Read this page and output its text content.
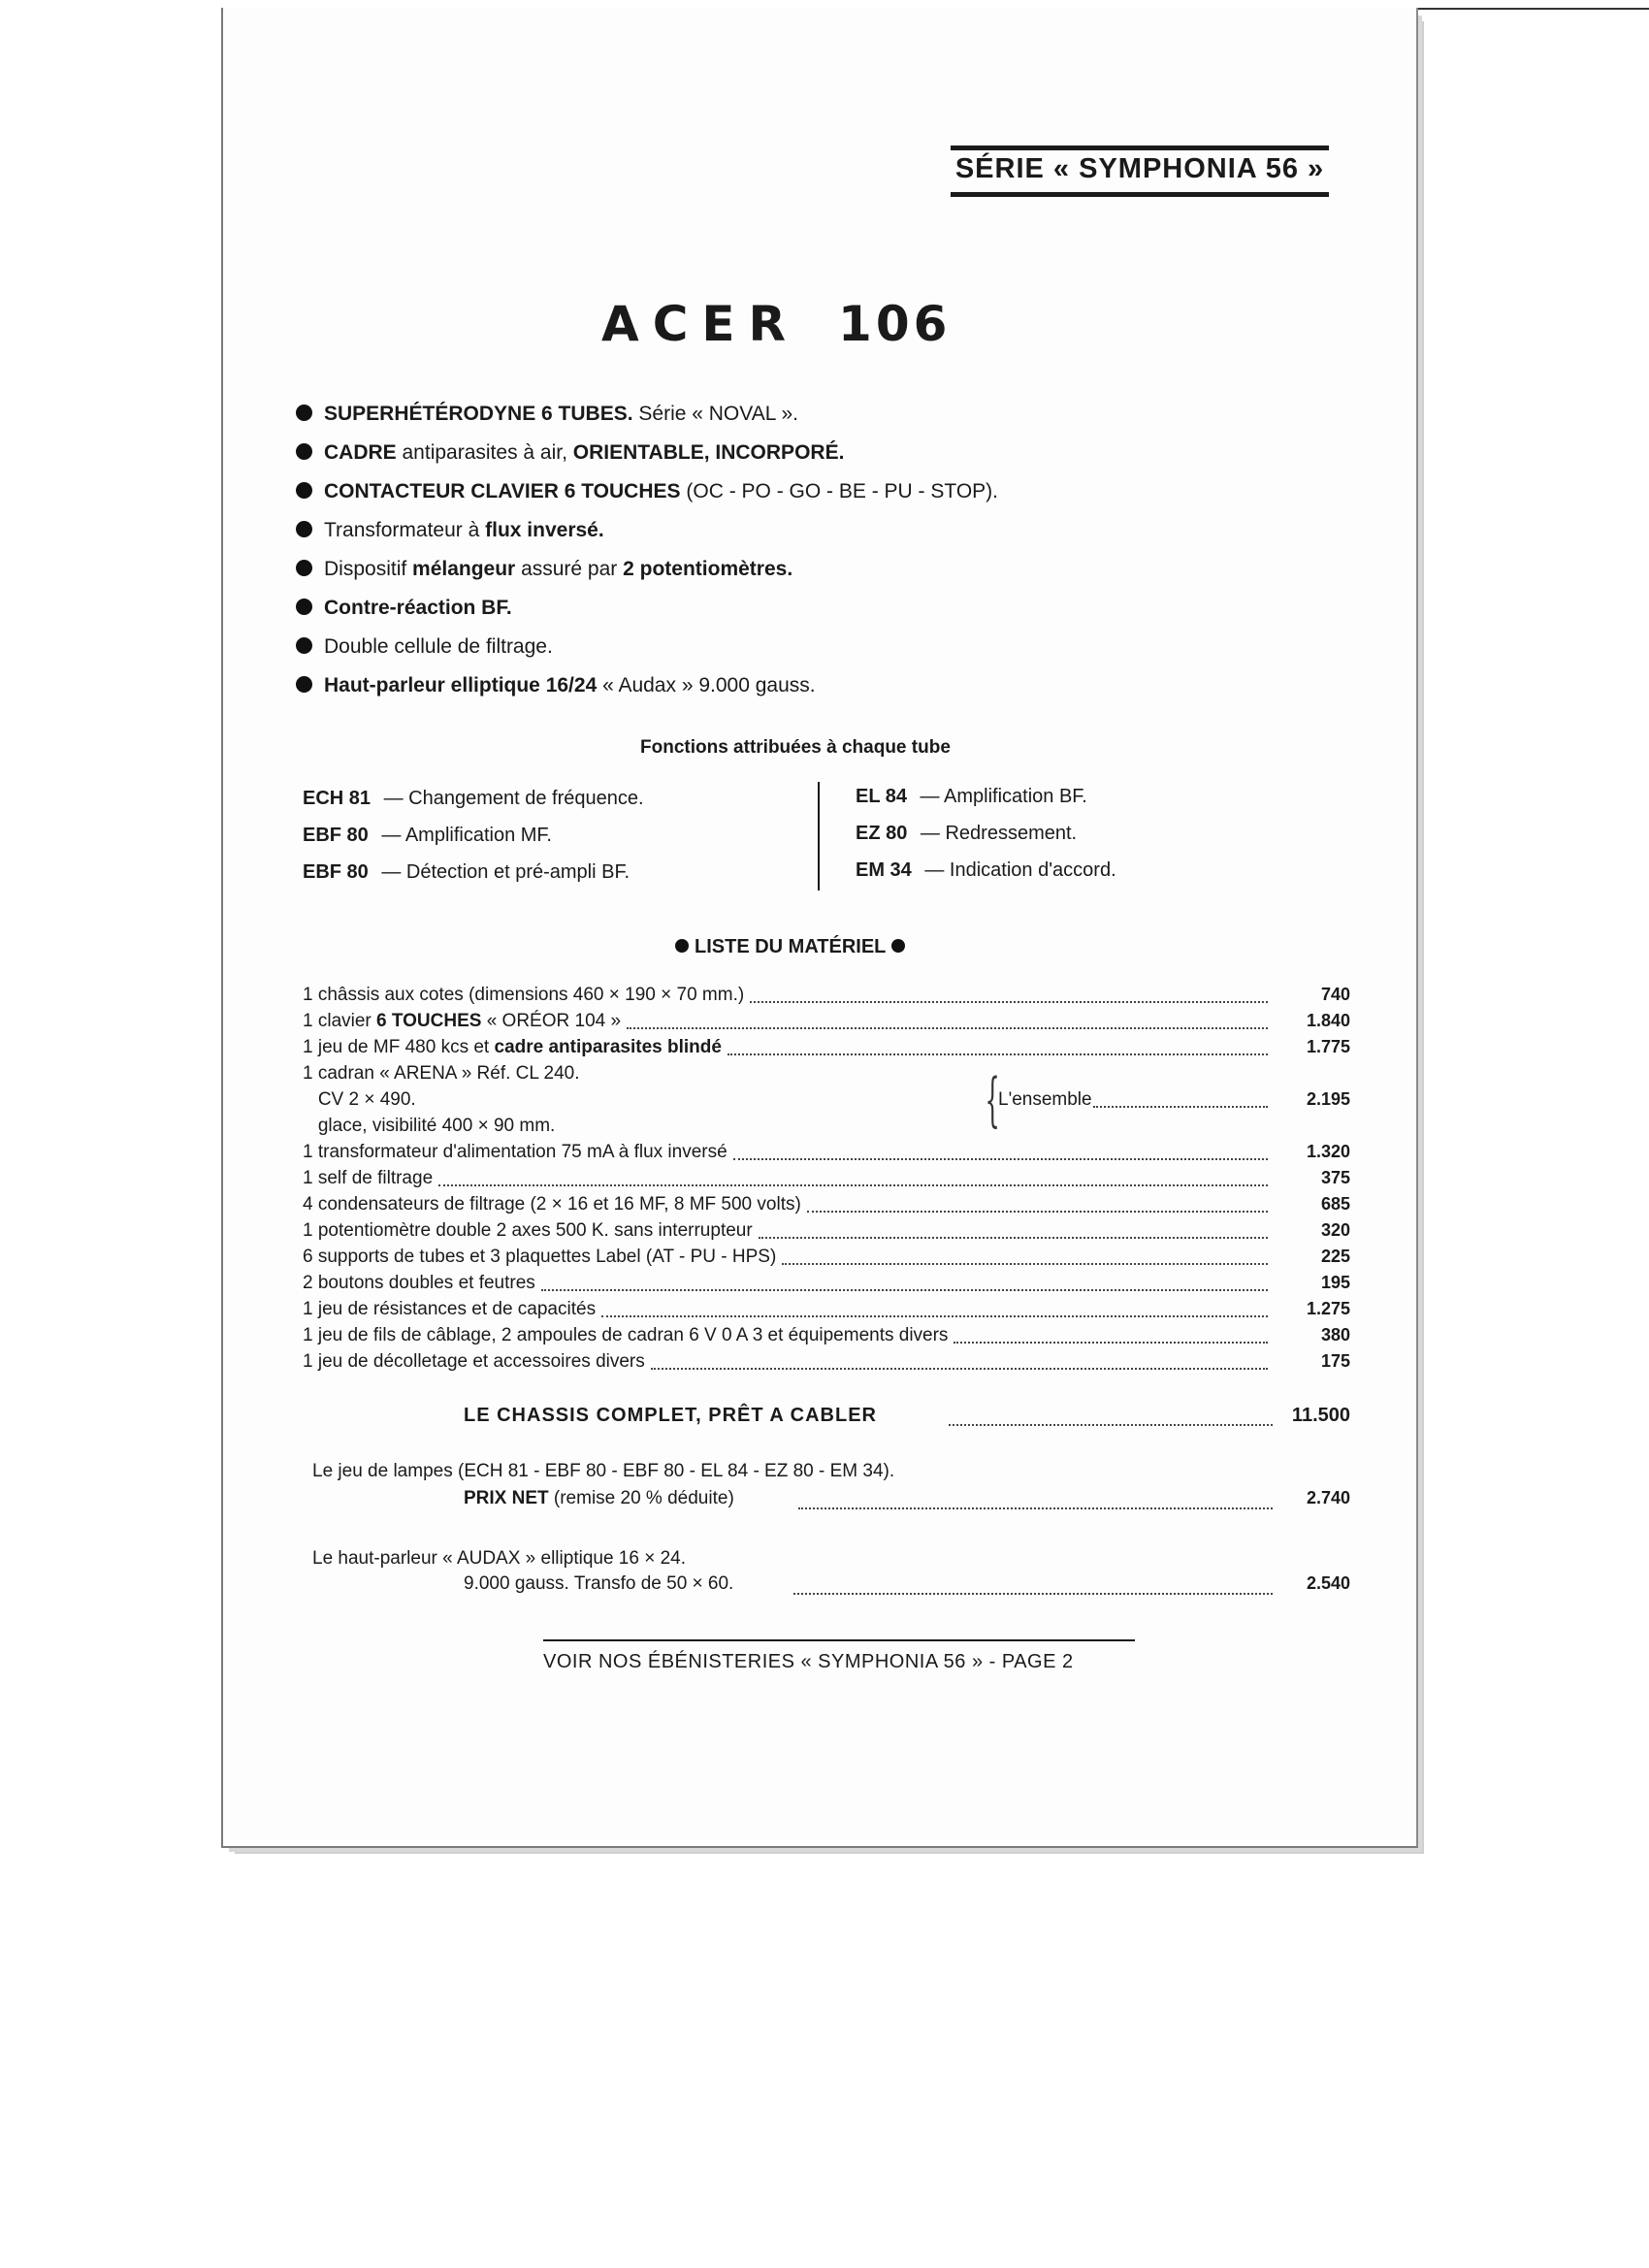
SÉRIE « SYMPHONIA 56 »
ACER 106
SUPERHÉTÉRODYNE 6 TUBES. Série « NOVAL ».
CADRE antiparasites à air, ORIENTABLE, INCORPORÉ.
CONTACTEUR CLAVIER 6 TOUCHES (OC - PO - GO - BE - PU - STOP).
Transformateur à flux inversé.
Dispositif mélangeur assuré par 2 potentiomètres.
Contre-réaction BF.
Double cellule de filtrage.
Haut-parleur elliptique 16/24 « Audax » 9.000 gauss.
Fonctions attribuées à chaque tube
ECH 81 — Changement de fréquence.
EBF 80 — Amplification MF.
EBF 80 — Détection et pré-ampli BF.
EL 84 — Amplification BF.
EZ 80 — Redressement.
EM 34 — Indication d'accord.
LISTE DU MATÉRIEL
1 châssis aux cotes (dimensions 460 × 190 × 70 mm.)	740
1 clavier 6 TOUCHES « ORÉOR 104 »	1.840
1 jeu de MF 480 kcs et cadre antiparasites blindé	1.775
1 cadran « ARENA » Réf. CL 240.
CV 2 × 490.	L'ensemble	2.195
glace, visibilité 400 × 90 mm.
1 transformateur d'alimentation 75 mA à flux inversé	1.320
1 self de filtrage	375
4 condensateurs de filtrage (2 × 16 et 16 MF, 8 MF 500 volts)	685
1 potentiomètre double 2 axes 500 K. sans interrupteur	320
6 supports de tubes et 3 plaquettes Label (AT - PU - HPS)	225
2 boutons doubles et feutres	195
1 jeu de résistances et de capacités	1.275
1 jeu de fils de câblage, 2 ampoules de cadran 6 V 0 A 3 et équipements divers	380
1 jeu de décolletage et accessoires divers	175
{
LE CHASSIS COMPLET, PRÊT A CABLER	11.500
Le jeu de lampes (ECH 81 - EBF 80 - EBF 80 - EL 84 - EZ 80 - EM 34).
PRIX NET (remise 20 % déduite)	2.740
Le haut-parleur « AUDAX » elliptique 16 × 24.
9.000 gauss. Transfo de 50 × 60.	2.540
VOIR NOS ÉBÉNISTERIES « SYMPHONIA 56 » - PAGE 2
